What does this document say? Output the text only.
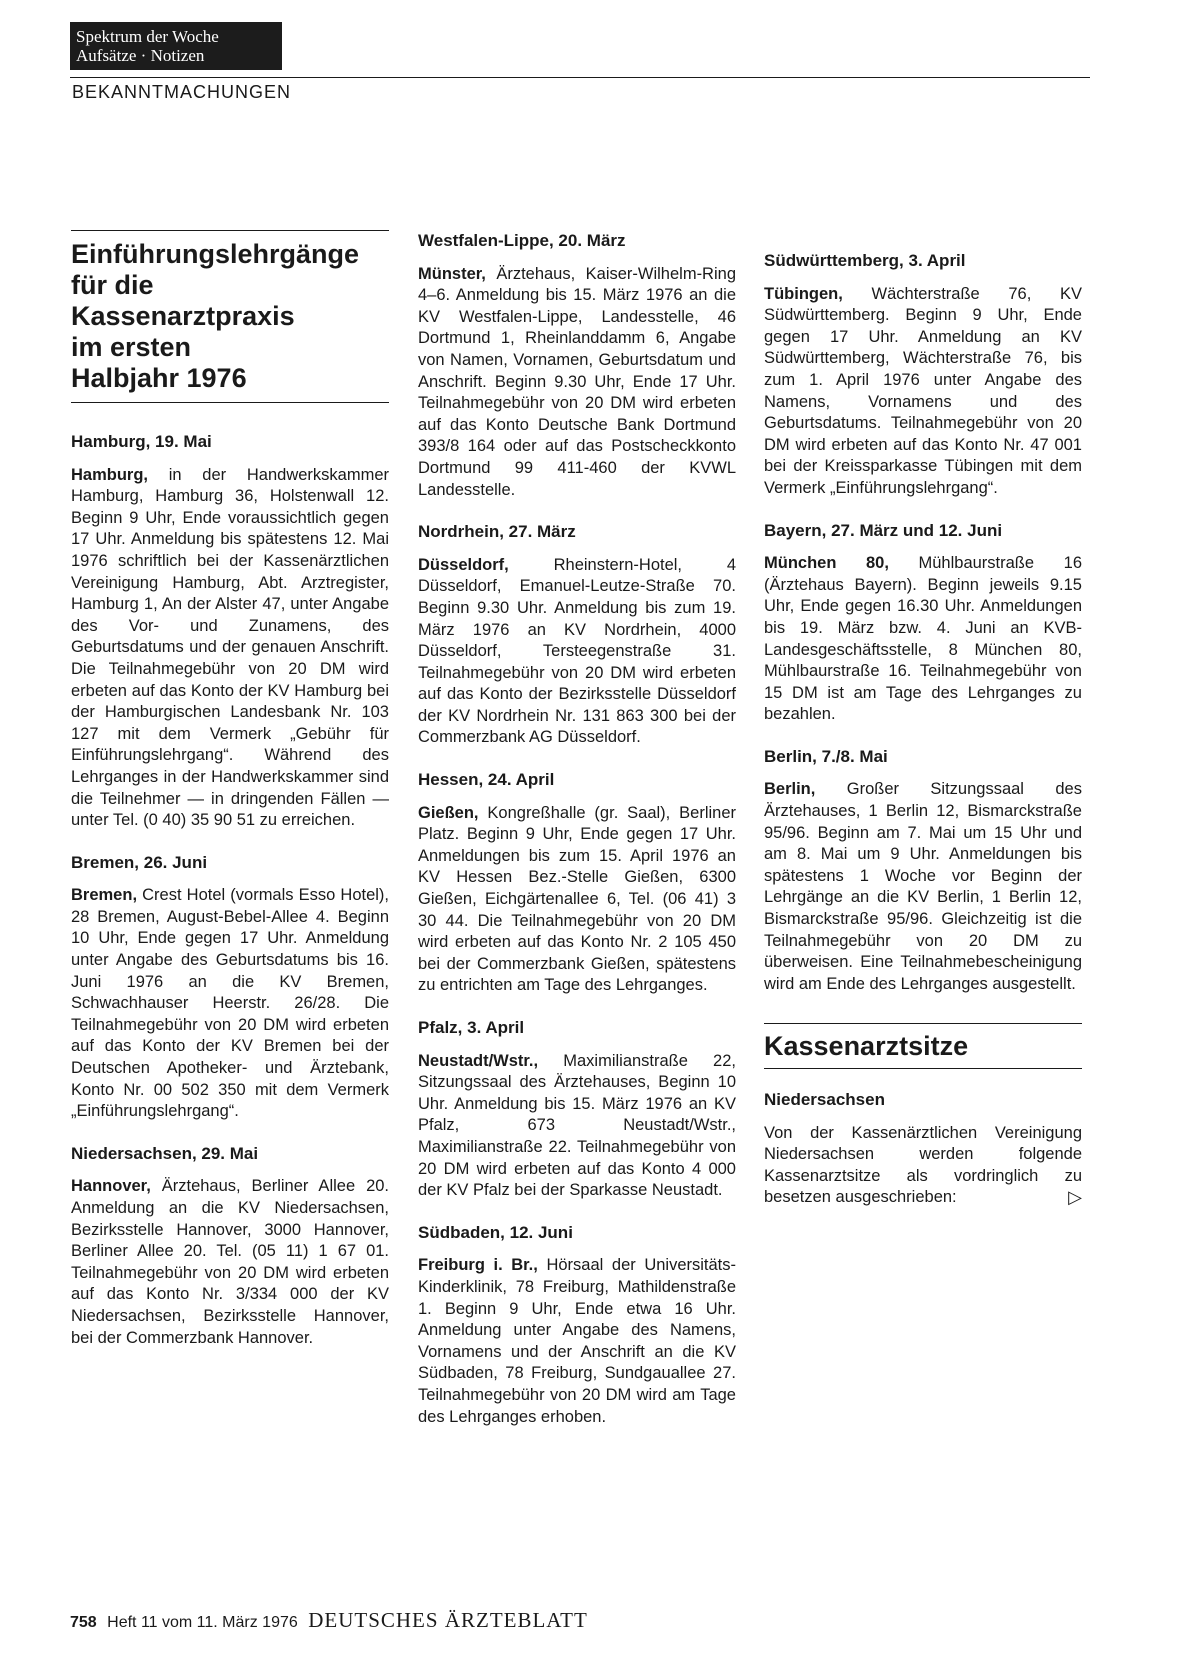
Spektrum der Woche
Aufsätze · Notizen
BEKANNTMACHUNGEN
Einführungslehrgänge
für die
Kassenarztpraxis
im ersten
Halbjahr 1976
Hamburg, 19. Mai

Hamburg, in der Handwerkskammer Hamburg, Hamburg 36, Holstenwall 12. Beginn 9 Uhr, Ende voraussichtlich gegen 17 Uhr. Anmeldung bis spätestens 12. Mai 1976 schriftlich bei der Kassenärztlichen Vereinigung Hamburg, Abt. Arztregister, Hamburg 1, An der Alster 47, unter Angabe des Vor- und Zunamens, des Geburtsdatums und der genauen Anschrift. Die Teilnahmegebühr von 20 DM wird erbeten auf das Konto der KV Hamburg bei der Hamburgischen Landesbank Nr. 103 127 mit dem Vermerk „Gebühr für Einführungslehrgang“. Während des Lehrganges in der Handwerkskammer sind die Teilnehmer — in dringenden Fällen — unter Tel. (0 40) 35 90 51 zu erreichen.

Bremen, 26. Juni

Bremen, Crest Hotel (vormals Esso Hotel), 28 Bremen, August-Bebel-Allee 4. Beginn 10 Uhr, Ende gegen 17 Uhr. Anmeldung unter Angabe des Geburtsdatums bis 16. Juni 1976 an die KV Bremen, Schwachhauser Heerstr. 26/28. Die Teilnahmegebühr von 20 DM wird erbeten auf das Konto der KV Bremen bei der Deutschen Apotheker- und Ärztebank, Konto Nr. 00 502 350 mit dem Vermerk „Einführungslehrgang“.

Niedersachsen, 29. Mai

Hannover, Ärztehaus, Berliner Allee 20. Anmeldung an die KV Niedersachsen, Bezirksstelle Hannover, 3000 Hannover, Berliner Allee 20. Tel. (05 11) 1 67 01. Teilnahmegebühr von 20 DM wird erbeten auf das Konto Nr. 3/334 000 der KV Niedersachsen, Bezirksstelle Hannover, bei der Commerzbank Hannover.

Westfalen-Lippe, 20. März

Münster, Ärztehaus, Kaiser-Wilhelm-Ring 4–6. Anmeldung bis 15. März 1976 an die KV Westfalen-Lippe, Landesstelle, 46 Dortmund 1, Rheinlanddamm 6, Angabe von Namen, Vornamen, Geburtsdatum und Anschrift. Beginn 9.30 Uhr, Ende 17 Uhr. Teilnahmegebühr von 20 DM wird erbeten auf das Konto Deutsche Bank Dortmund 393/8 164 oder auf das Postscheckkonto Dortmund 99 411-460 der KVWL Landesstelle.

Nordrhein, 27. März

Düsseldorf,	Rheinstern-Hotel, 4 Düsseldorf, Emanuel-Leutze-Straße 70. Beginn 9.30 Uhr. Anmeldung bis zum 19. März 1976 an KV Nordrhein, 4000 Düsseldorf, Tersteegenstraße 31. Teilnahmegebühr von 20 DM wird erbeten auf das Konto der Bezirksstelle Düsseldorf der KV Nordrhein Nr. 131 863 300 bei der Commerzbank AG Düsseldorf.

Hessen, 24. April

Gießen, Kongreßhalle (gr. Saal), Berliner Platz. Beginn 9 Uhr, Ende gegen 17 Uhr. Anmeldungen bis zum 15. April 1976 an KV Hessen Bez.-Stelle Gießen, 6300 Gießen, Eichgärtenallee 6, Tel. (06 41) 3 30 44. Die Teilnahmegebühr von 20 DM wird erbeten auf das Konto Nr. 2 105 450 bei der Commerzbank Gießen, spätestens zu entrichten am Tage des Lehrganges.

Pfalz, 3. April

Neustadt/Wstr., Maximilianstraße 22, Sitzungssaal des Ärztehauses, Beginn 10 Uhr. Anmeldung bis 15. März 1976 an KV Pfalz, 673 Neustadt/Wstr., Maximilianstraße 22. Teilnahmegebühr von 20 DM wird erbeten auf das Konto 4 000 der KV Pfalz bei der Sparkasse Neustadt.

Südbaden, 12. Juni

Freiburg i. Br., Hörsaal der Universitäts-Kinderklinik, 78 Freiburg, Mathildenstraße 1. Beginn 9 Uhr, Ende etwa 16 Uhr. Anmeldung unter Angabe des Namens, Vornamens und der Anschrift an die KV Südbaden, 78 Freiburg, Sundgauallee 27. Teilnahmegebühr von 20 DM wird am Tage des Lehrganges erhoben.

Südwürttemberg, 3. April

Tübingen, Wächterstraße 76, KV Südwürttemberg. Beginn 9 Uhr, Ende gegen 17 Uhr. Anmeldung an KV Südwürttemberg, Wächterstraße 76, bis zum 1. April 1976 unter Angabe des Namens, Vornamens und des Geburtsdatums. Teilnahmegebühr von 20 DM wird erbeten auf das Konto Nr. 47 001 bei der Kreissparkasse Tübingen mit dem Vermerk „Einführungslehrgang“.

Bayern, 27. März und 12. Juni

München 80, Mühlbaurstraße 16 (Ärztehaus Bayern). Beginn jeweils 9.15 Uhr, Ende gegen 16.30 Uhr. Anmeldungen bis 19. März bzw. 4. Juni an KVB-Landesgeschäftsstelle, 8 München 80, Mühlbaurstraße 16. Teilnahmegebühr von 15 DM ist am Tage des Lehrganges zu bezahlen.

Berlin, 7./8. Mai

Berlin, Großer Sitzungssaal des Ärztehauses, 1 Berlin 12, Bismarckstraße 95/96. Beginn am 7. Mai um 15 Uhr und am 8. Mai um 9 Uhr. Anmeldungen bis spätestens 1 Woche vor Beginn der Lehrgänge an die KV Berlin, 1 Berlin 12, Bismarckstraße 95/96. Gleichzeitig ist die Teilnahmegebühr von 20 DM zu überweisen. Eine Teilnahmebescheinigung wird am Ende des Lehrganges ausgestellt.

Kassenarztsitze
Niedersachsen

Von der Kassenärztlichen Vereinigung Niedersachsen werden folgende Kassenarztsitze als vordringlich zu besetzen ausgeschrieben:	▷

758 Heft 11 vom 11. März 1976 DEUTSCHES ÄRZTEBLATT
